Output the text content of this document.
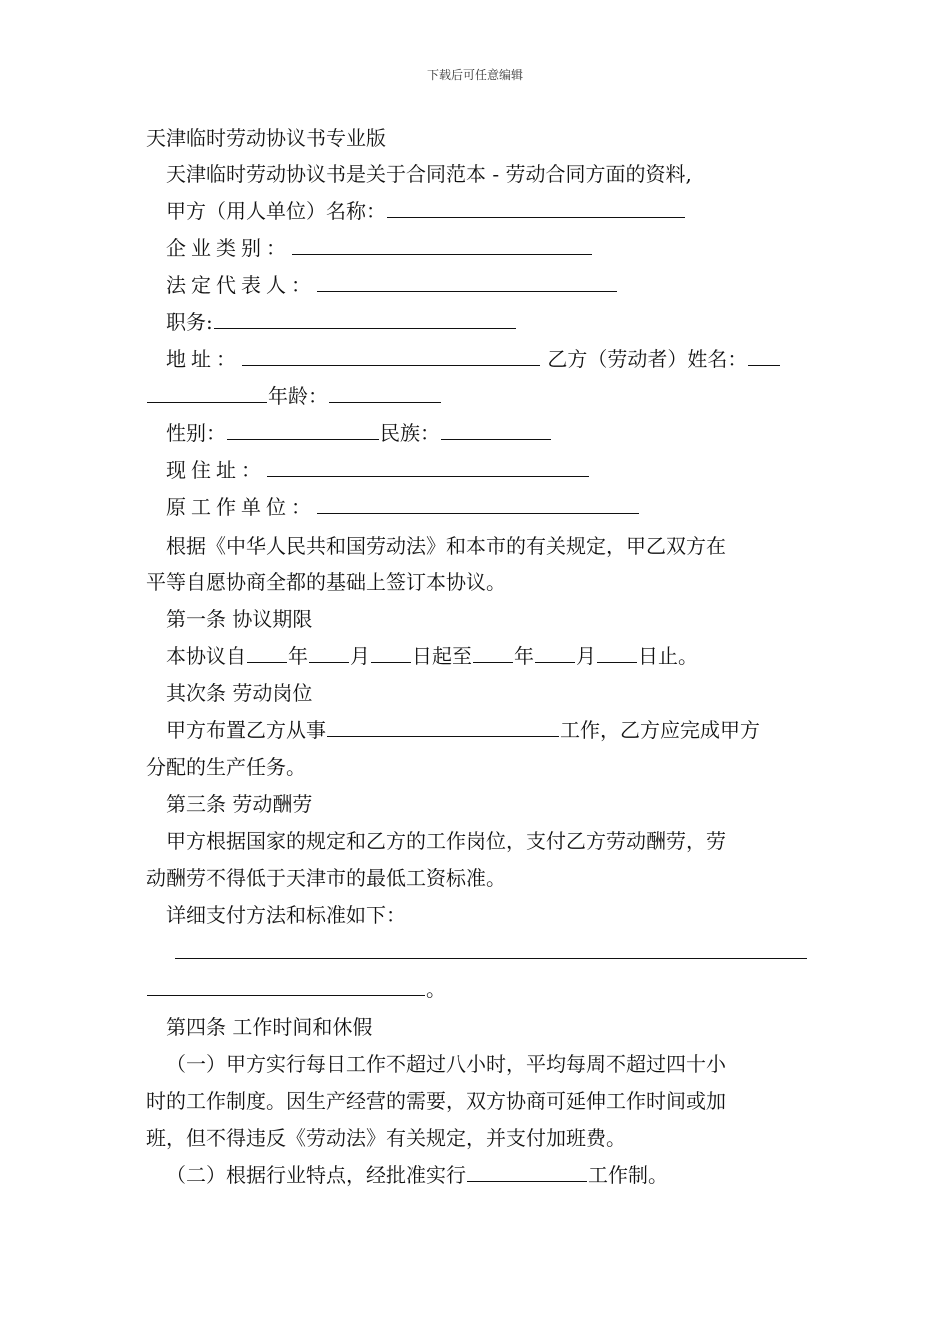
下载后可任意编辑
天津临时劳动协议书专业版
天津临时劳动协议书是关于合同范本 - 劳动合同方面的资料,
甲方（用人单位）名称：
企业类别：
法定代表人：
职务:
地址：	乙方（劳动者）姓名：
年龄：
性别：	民族：
现住址：
原工作单位：
根据《中华人民共和国劳动法》和本市的有关规定，甲乙双方在
平等自愿协商全都的基础上签订本协议。
第一条 协议期限
本协议自 年 月 日起至 年 月 日止。
其次条 劳动岗位
甲方布置乙方从事	工作，乙方应完成甲方
分配的生产任务。
第三条 劳动酬劳
甲方根据国家的规定和乙方的工作岗位，支付乙方劳动酬劳，劳
动酬劳不得低于天津市的最低工资标准。
详细支付方法和标准如下：
。
第四条 工作时间和休假
（一）甲方实行每日工作不超过八小时，平均每周不超过四十小
时的工作制度。因生产经营的需要，双方协商可延伸工作时间或加
班，但不得违反《劳动法》有关规定，并支付加班费。
（二）根据行业特点，经批准实行	工作制。
